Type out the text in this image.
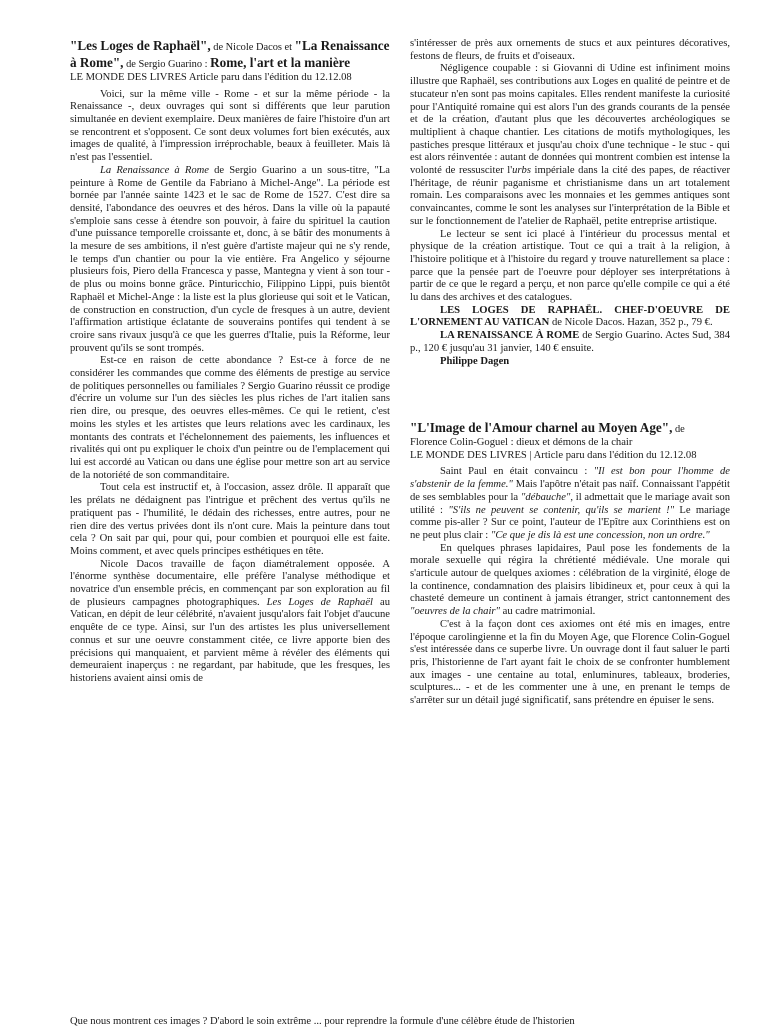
"Les Loges de Raphaël", de Nicole Dacos et "La Renaissance à Rome", de Sergio Guarino : Rome, l'art et la manière
LE MONDE DES LIVRES Article paru dans l'édition du 12.12.08

Voici, sur la même ville - Rome - et sur la même période - la Renaissance -, deux ouvrages qui sont si différents que leur parution simultanée en devient exemplaire. Deux manières de faire l'histoire d'un art se rencontrent et s'opposent. Ce sont deux volumes fort bien exécutés, aux images de qualité, à l'impression irréprochable, beaux à feuilleter. Mais là n'est pas l'essentiel.

La Renaissance à Rome de Sergio Guarino a un sous-titre, "La peinture à Rome de Gentile da Fabriano à Michel-Ange". La période est bornée par l'année sainte 1423 et le sac de Rome de 1527. C'est dire sa densité, l'abondance des oeuvres et des héros. Dans la ville où la papauté s'emploie sans cesse à étendre son pouvoir, à faire du spirituel la caution d'une puissance temporelle croissante et, donc, à se bâtir des monuments à la mesure de ses ambitions, il n'est guère d'artiste majeur qui ne s'y rende, le temps d'un chantier ou pour la vie entière. Fra Angelico y séjourne plusieurs fois, Piero della Francesca y passe, Mantegna y vient à son tour - de plus ou moins bonne grâce. Pinturicchio, Filippino Lippi, puis bientôt Raphaël et Michel-Ange : la liste est la plus glorieuse qui soit et le Vatican, de construction en construction, d'un cycle de fresques à un autre, devient l'affirmation artistique éclatante de souverains pontifes qui tendent à se croire sans rivaux jusqu'à ce que les guerres d'Italie, puis la Réforme, leur prouvent qu'ils se sont trompés.

Est-ce en raison de cette abondance ? Est-ce à force de ne considérer les commandes que comme des éléments de prestige au service de politiques personnelles ou familiales ? Sergio Guarino réussit ce prodige d'écrire un volume sur l'un des siècles les plus riches de l'art italien sans rien dire, ou presque, des oeuvres elles-mêmes. Ce qui le retient, c'est moins les styles et les artistes que leurs relations avec les cardinaux, les montants des contrats et l'échelonnement des paiements, les influences et rivalités qui ont pu expliquer le choix d'un peintre ou de l'emplacement qui lui est accordé au Vatican ou dans une église pour mettre son art au service de la notoriété de son commanditaire.

Tout cela est instructif et, à l'occasion, assez drôle. Il apparaît que les prélats ne dédaignent pas l'intrigue et prêchent des vertus qu'ils ne pratiquent pas - l'humilité, le dédain des richesses, entre autres, pour ne rien dire des vertus privées dont ils n'ont cure. Mais la peinture dans tout cela ? On sait par qui, pour qui, pour combien et pourquoi elle est faite. Moins comment, et avec quels principes esthétiques en tête.

Nicole Dacos travaille de façon diamétralement opposée. A l'énorme synthèse documentaire, elle préfère l'analyse méthodique et novatrice d'un ensemble précis, en commençant par son exploration au fil de plusieurs campagnes photographiques. Les Loges de Raphaël au Vatican, en dépit de leur célébrité, n'avaient jusqu'alors fait l'objet d'aucune enquête de ce type. Ainsi, sur l'un des artistes les plus universellement connus et sur une oeuvre constamment citée, ce livre apporte bien des précisions qui manquaient, et parvient même à révéler des éléments qui demeuraient inaperçus : ne regardant, par habitude, que les fresques, les historiens avaient ainsi omis de

s'intéresser de près aux ornements de stucs et aux peintures décoratives, festons de fleurs, de fruits et d'oiseaux.

Négligence coupable : si Giovanni di Udine est infiniment moins illustre que Raphaël, ses contributions aux Loges en qualité de peintre et de stucateur n'en sont pas moins capitales. Elles rendent manifeste la curiosité pour l'Antiquité romaine qui est alors l'un des grands courants de la pensée et de la création, d'autant plus que les découvertes archéologiques se multiplient à chaque chantier. Les citations de motifs mythologiques, les pastiches presque littéraux et jusqu'au choix d'une technique - le stuc - qui est alors réinventée : autant de données qui montrent combien est intense la volonté de ressusciter l'urbs impériale dans la cité des papes, de réactiver l'héritage, de réunir paganisme et christianisme dans un art totalement romain. Les comparaisons avec les monnaies et les gemmes antiques sont convaincantes, comme le sont les analyses sur l'interprétation de la Bible et sur le fonctionnement de l'atelier de Raphaël, petite entreprise artistique.

Le lecteur se sent ici placé à l'intérieur du processus mental et physique de la création artistique. Tout ce qui a trait à la religion, à l'histoire politique et à l'histoire du regard y trouve naturellement sa place : parce que la pensée part de l'oeuvre pour déployer ses interprétations à partir de ce que le regard a perçu, et non parce qu'elle compile ce qui a été lu dans des archives et des catalogues.

LES LOGES DE RAPHAËL. CHEF-D'OEUVRE DE L'ORNEMENT AU VATICAN de Nicole Dacos. Hazan, 352 p., 79 €.

LA RENAISSANCE À ROME de Sergio Guarino. Actes Sud, 384 p., 120 € jusqu'au 31 janvier, 140 € ensuite.

Philippe Dagen

"L'Image de l'Amour charnel au Moyen Age", de
Florence Colin-Goguel : dieux et démons de la chair
LE MONDE DES LIVRES | Article paru dans l'édition du 12.12.08

Saint Paul en était convaincu : "Il est bon pour l'homme de s'abstenir de la femme." Mais l'apôtre n'était pas naïf. Connaissant l'appétit de ses semblables pour la "débauche", il admettait que le mariage avait son utilité : "S'ils ne peuvent se contenir, qu'ils se marient !" Le mariage comme pis-aller ? Sur ce point, l'auteur de l'Epître aux Corinthiens est on ne peut plus clair : "Ce que je dis là est une concession, non un ordre."

En quelques phrases lapidaires, Paul pose les fondements de la morale sexuelle qui régira la chrétienté médiévale. Une morale qui s'articule autour de quelques axiomes : célébration de la virginité, éloge de la continence, condamnation des plaisirs libidineux et, pour ceux à qui la chasteté demeure un continent à jamais étranger, strict cantonnement des "oeuvres de la chair" au cadre matrimonial.

C'est à la façon dont ces axiomes ont été mis en images, entre l'époque carolingienne et la fin du Moyen Age, que Florence Colin-Goguel s'est intéressée dans ce superbe livre. Un ouvrage dont il faut saluer le parti pris, l'historienne de l'art ayant fait le choix de se confronter humblement aux images - une centaine au total, enluminures, tableaux, broderies, sculptures... - et de les commenter une à une, en prenant le temps de s'arrêter sur un détail jugé significatif, sans prétendre en épuiser le sens.

Que nous montrent ces images ? D'abord le soin extrême ... pour reprendre la formule d'une célèbre étude de l'historien
